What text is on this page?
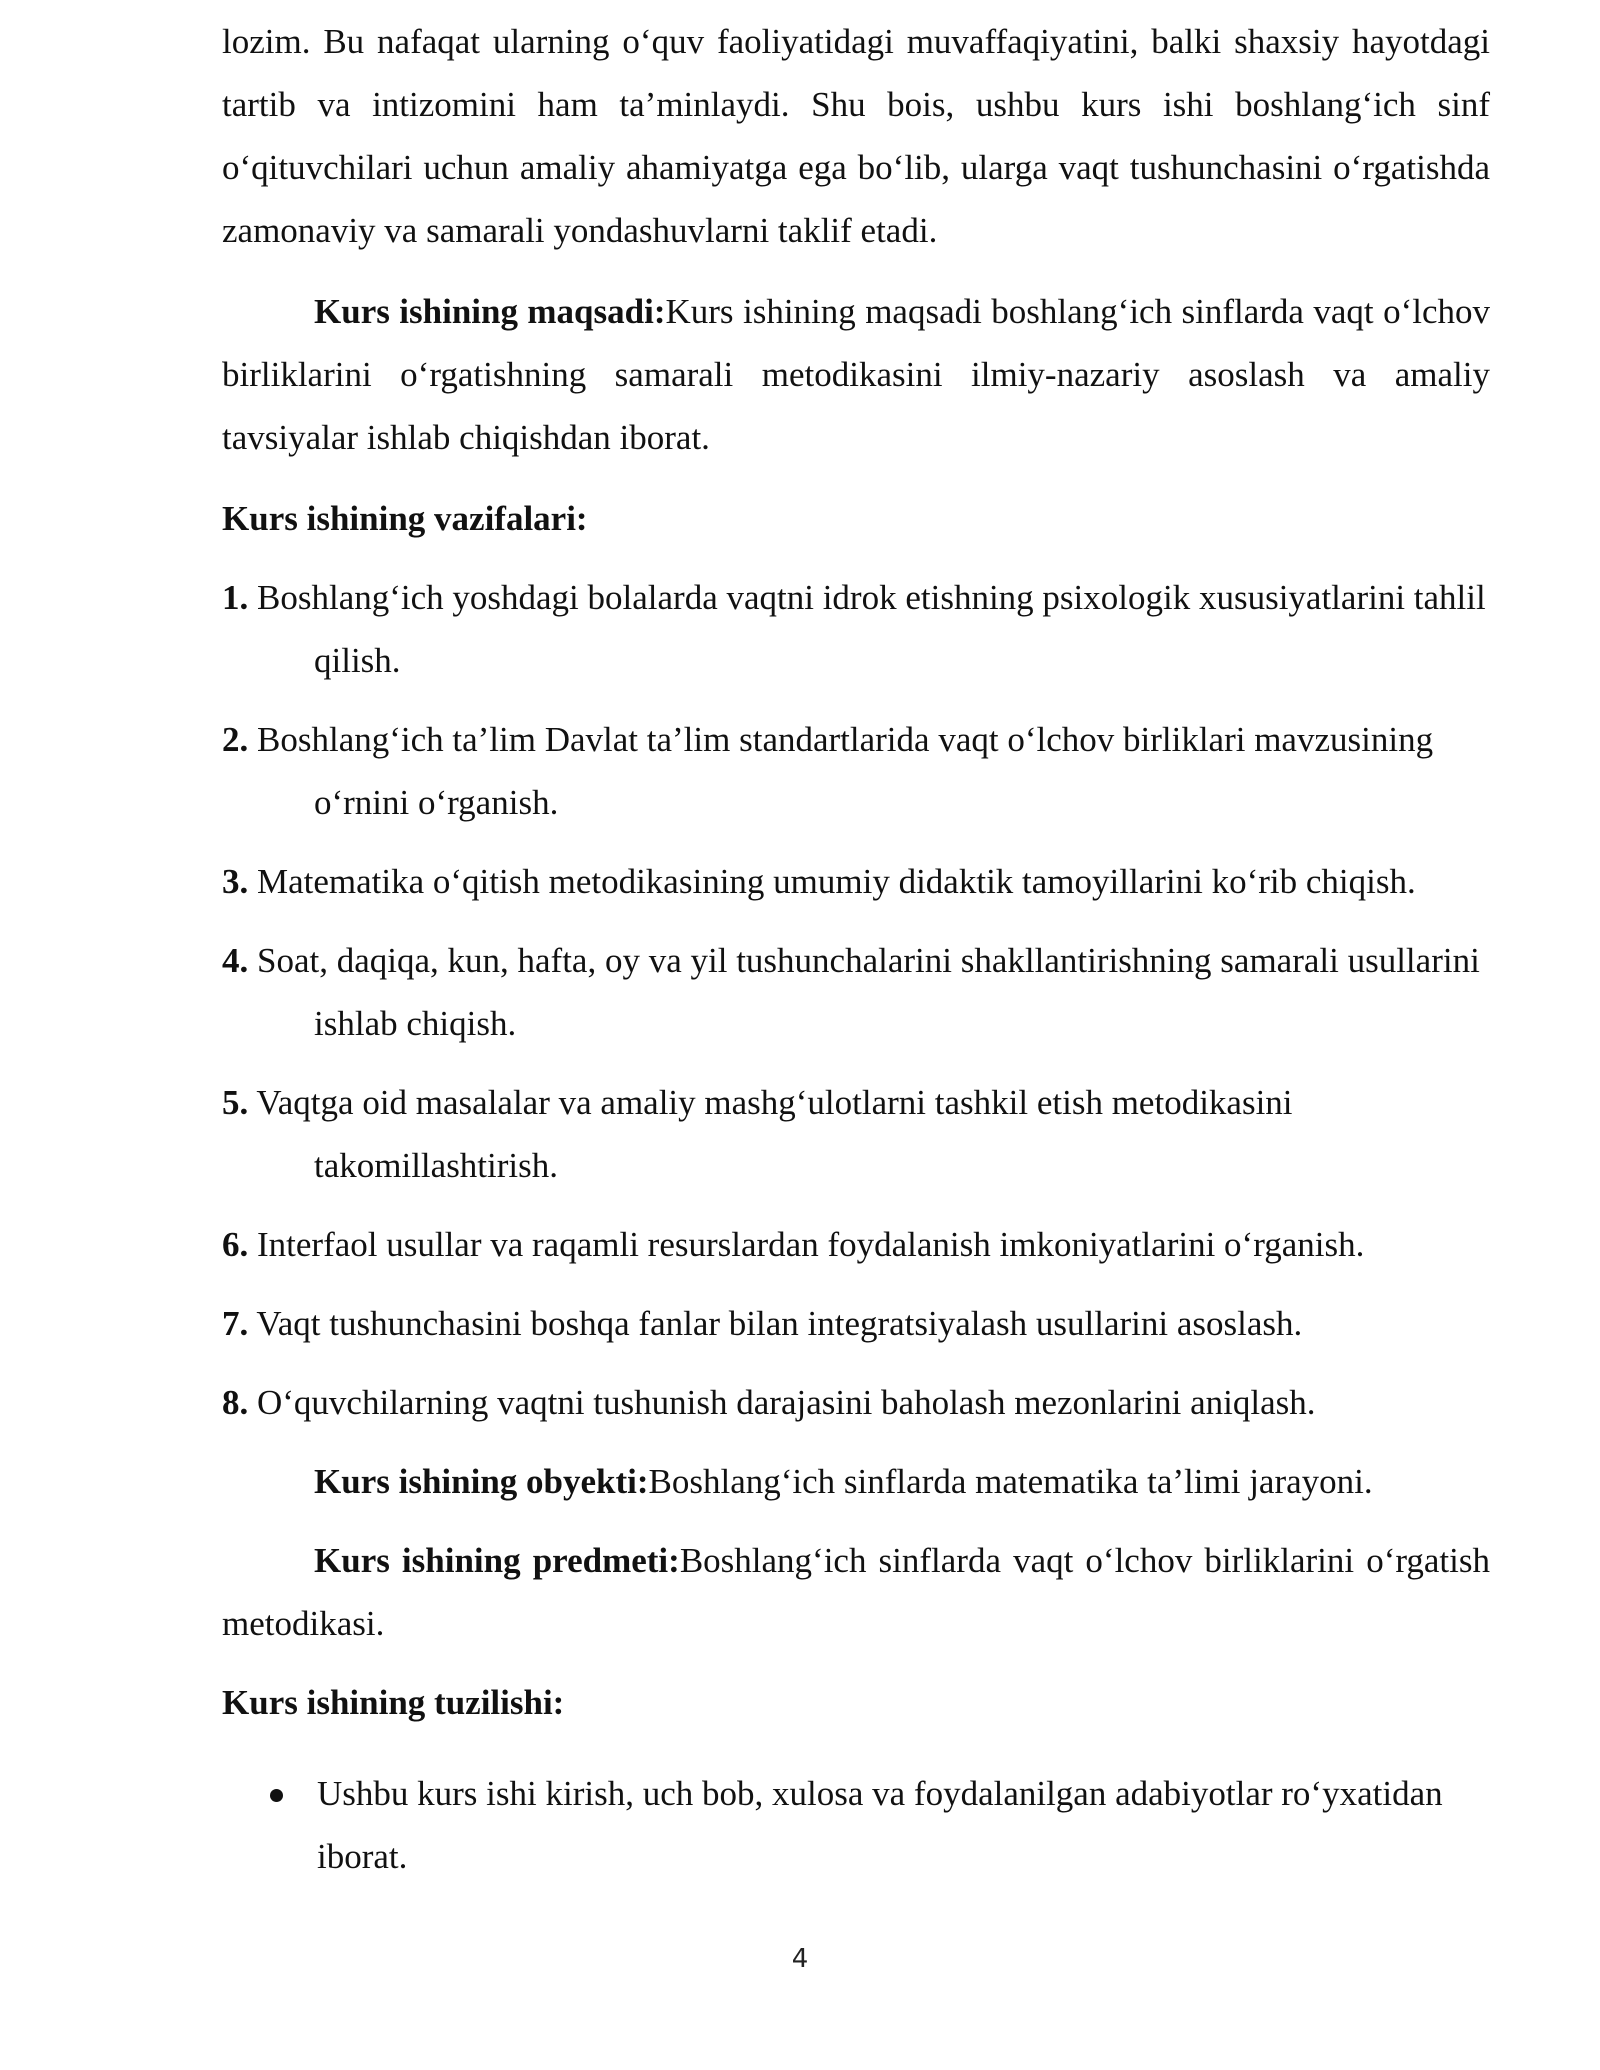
lozim. Bu nafaqat ularning o‘quv faoliyatidagi muvaffaqiyatini, balki shaxsiy hayotdagi tartib va intizomini ham ta’minlaydi. Shu bois, ushbu kurs ishi boshlang‘ich sinf o‘qituvchilari uchun amaliy ahamiyatga ega bo‘lib, ularga vaqt tushunchasini o‘rgatishda zamonaviy va samarali yondashuvlarni taklif etadi.

Kurs ishining maqsadi:Kurs ishining maqsadi boshlang‘ich sinflarda vaqt o‘lchov birliklarini o‘rgatishning samarali metodikasini ilmiy-nazariy asoslash va amaliy tavsiyalar ishlab chiqishdan iborat.

Kurs ishining vazifalari:

1. Boshlang‘ich yoshdagi bolalarda vaqtni idrok etishning psixologik xususiyatlarini tahlil qilish.

2. Boshlang‘ich ta’lim Davlat ta’lim standartlarida vaqt o‘lchov birliklari mavzusining o‘rnini o‘rganish.

3. Matematika o‘qitish metodikasining umumiy didaktik tamoyillarini ko‘rib chiqish.

4. Soat, daqiqa, kun, hafta, oy va yil tushunchalarini shakllantirishning samarali usullarini ishlab chiqish.

5. Vaqtga oid masalalar va amaliy mashg‘ulotlarni tashkil etish metodikasini takomillashtirish.

6. Interfaol usullar va raqamli resurslardan foydalanish imkoniyatlarini o‘rganish.

7. Vaqt tushunchasini boshqa fanlar bilan integratsiyalash usullarini asoslash.

8. O‘quvchilarning vaqtni tushunish darajasini baholash mezonlarini aniqlash.

Kurs ishining obyekti:Boshlang‘ich sinflarda matematika ta’limi jarayoni.

Kurs ishining predmeti:Boshlang‘ich sinflarda vaqt o‘lchov birliklarini o‘rgatish metodikasi.

Kurs ishining tuzilishi:

Ushbu kurs ishi kirish, uch bob, xulosa va foydalanilgan adabiyotlar ro‘yxatidan iborat.
4
